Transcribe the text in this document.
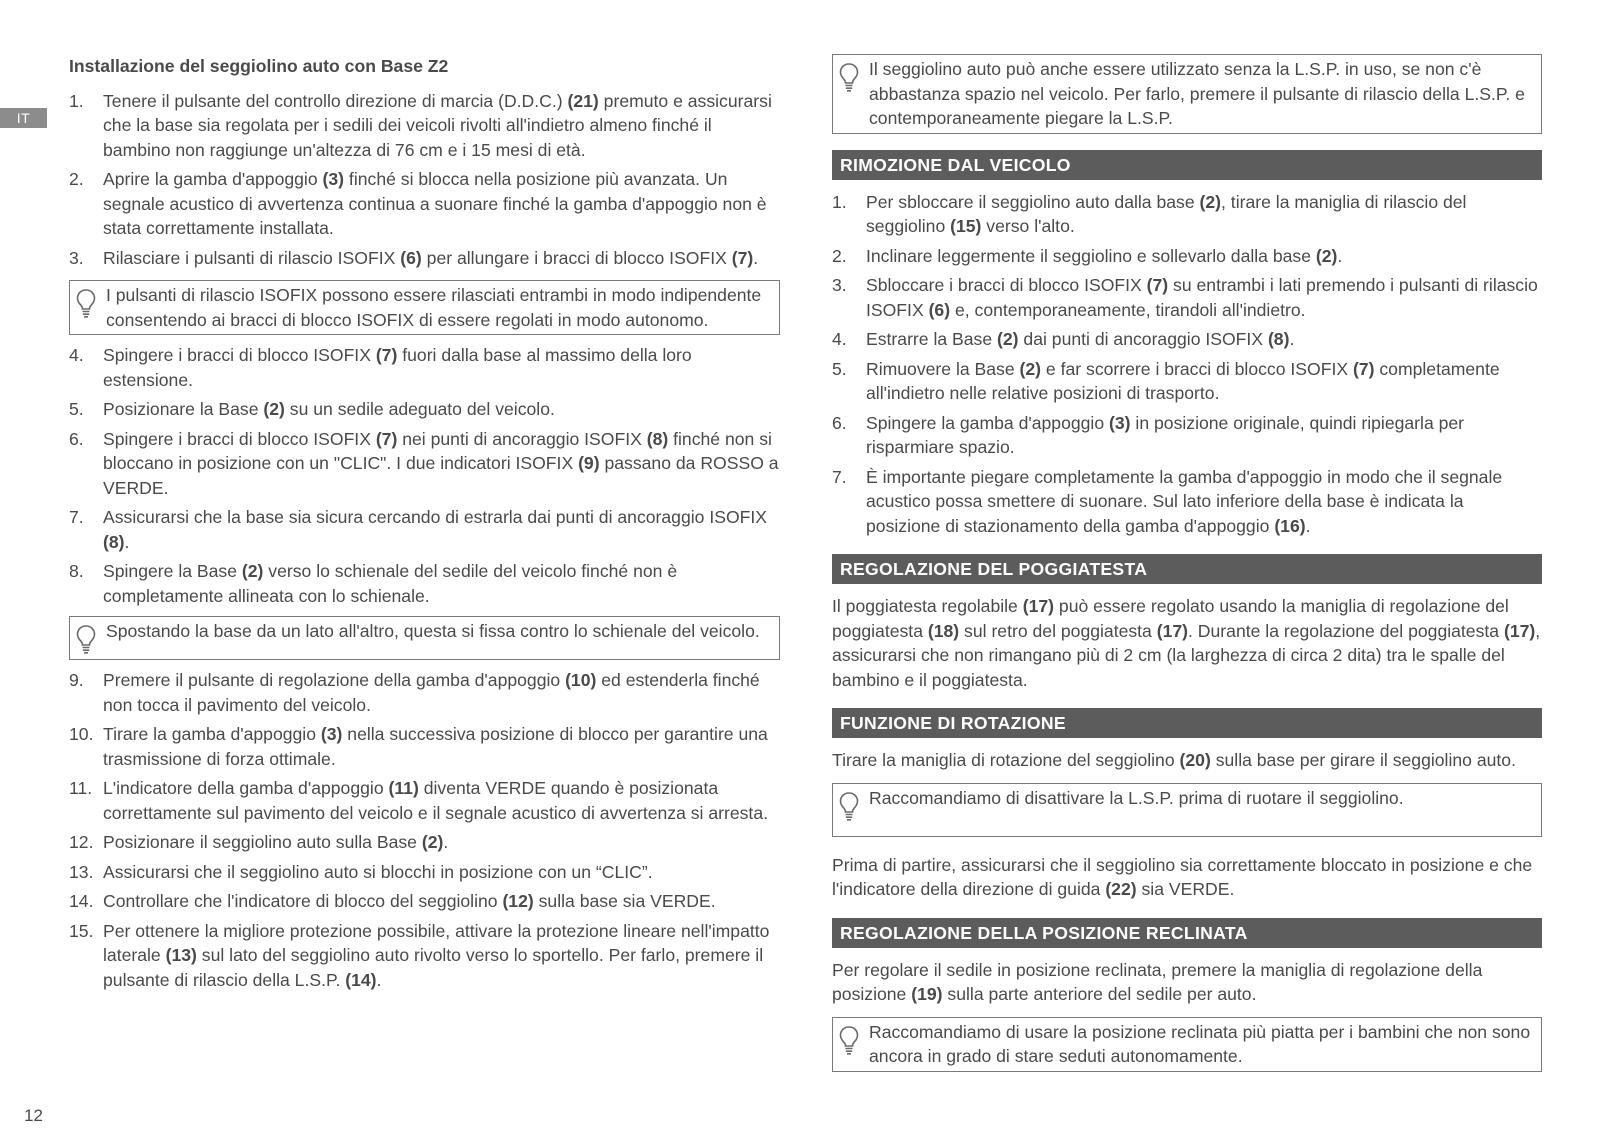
IT
Installazione del seggiolino auto con Base Z2
1.	Tenere il pulsante del controllo direzione di marcia (D.D.C.) (21) premuto e assicurarsi che la base sia regolata per i sedili dei veicoli rivolti all'indietro almeno finché il bambino non raggiunge un'altezza di 76 cm e i 15 mesi di età.
2.	Aprire la gamba d'appoggio (3) finché si blocca nella posizione più avanzata. Un segnale acustico di avvertenza continua a suonare finché la gamba d'appoggio non è stata correttamente installata.
3.	Rilasciare i pulsanti di rilascio ISOFIX (6) per allungare i bracci di blocco ISOFIX (7).
I pulsanti di rilascio ISOFIX possono essere rilasciati entrambi in modo indipendente consentendo ai bracci di blocco ISOFIX di essere regolati in modo autonomo.
4.	Spingere i bracci di blocco ISOFIX (7) fuori dalla base al massimo della loro estensione.
5.	Posizionare la Base (2) su un sedile adeguato del veicolo.
6.	Spingere i bracci di blocco ISOFIX (7) nei punti di ancoraggio ISOFIX (8) finché non si bloccano in posizione con un "CLIC". I due indicatori ISOFIX (9) passano da ROSSO a VERDE.
7.	Assicurarsi che la base sia sicura cercando di estrarla dai punti di ancoraggio ISOFIX (8).
8.	Spingere la Base (2) verso lo schienale del sedile del veicolo finché non è completamente allineata con lo schienale.
Spostando la base da un lato all'altro, questa si fissa contro lo schienale del veicolo.
9.	Premere il pulsante di regolazione della gamba d'appoggio (10) ed estenderla finché non tocca il pavimento del veicolo.
10. Tirare la gamba d'appoggio (3) nella successiva posizione di blocco per garantire una trasmissione di forza ottimale.
11. L'indicatore della gamba d'appoggio (11) diventa VERDE quando è posizionata correttamente sul pavimento del veicolo e il segnale acustico di avvertenza si arresta.
12. Posizionare il seggiolino auto sulla Base (2).
13. Assicurarsi che il seggiolino auto si blocchi in posizione con un “CLIC”.
14. Controllare che l'indicatore di blocco del seggiolino (12) sulla base sia VERDE.
15. Per ottenere la migliore protezione possibile, attivare la protezione lineare nell'impatto laterale (13) sul lato del seggiolino auto rivolto verso lo sportello. Per farlo, premere il pulsante di rilascio della L.S.P. (14).
Il seggiolino auto può anche essere utilizzato senza la L.S.P. in uso, se non c'è abbastanza spazio nel veicolo. Per farlo, premere il pulsante di rilascio della L.S.P. e contemporaneamente piegare la L.S.P.
RIMOZIONE DAL VEICOLO
1.	Per sbloccare il seggiolino auto dalla base (2), tirare la maniglia di rilascio del seggiolino (15) verso l'alto.
2.	Inclinare leggermente il seggiolino e sollevarlo dalla base (2).
3.	Sbloccare i bracci di blocco ISOFIX (7) su entrambi i lati premendo i pulsanti di rilascio ISOFIX (6) e, contemporaneamente, tirandoli all'indietro.
4.	Estrarre la Base (2) dai punti di ancoraggio ISOFIX (8).
5.	Rimuovere la Base (2) e far scorrere i bracci di blocco ISOFIX (7) completamente all'indietro nelle relative posizioni di trasporto.
6.	Spingere la gamba d'appoggio (3) in posizione originale, quindi ripiegarla per risparmiare spazio.
7.	È importante piegare completamente la gamba d'appoggio in modo che il segnale acustico possa smettere di suonare. Sul lato inferiore della base è indicata la posizione di stazionamento della gamba d'appoggio (16).
REGOLAZIONE DEL POGGIATESTA

Il poggiatesta regolabile (17) può essere regolato usando la maniglia di regolazione del poggiatesta (18) sul retro del poggiatesta (17). Durante la regolazione del poggiatesta (17), assicurarsi che non rimangano più di 2 cm (la larghezza di circa 2 dita) tra le spalle del bambino e il poggiatesta.

FUNZIONE DI ROTAZIONE

Tirare la maniglia di rotazione del seggiolino (20) sulla base per girare il seggiolino auto.

Raccomandiamo di disattivare la L.S.P. prima di ruotare il seggiolino.

Prima di partire, assicurarsi che il seggiolino sia correttamente bloccato in posizione e che l'indicatore della direzione di guida (22) sia VERDE.

REGOLAZIONE DELLA POSIZIONE RECLINATA

Per regolare il sedile in posizione reclinata, premere la maniglia di regolazione della posizione (19) sulla parte anteriore del sedile per auto.

Raccomandiamo di usare la posizione reclinata più piatta per i bambini che non sono ancora in grado di stare seduti autonomamente.
12
